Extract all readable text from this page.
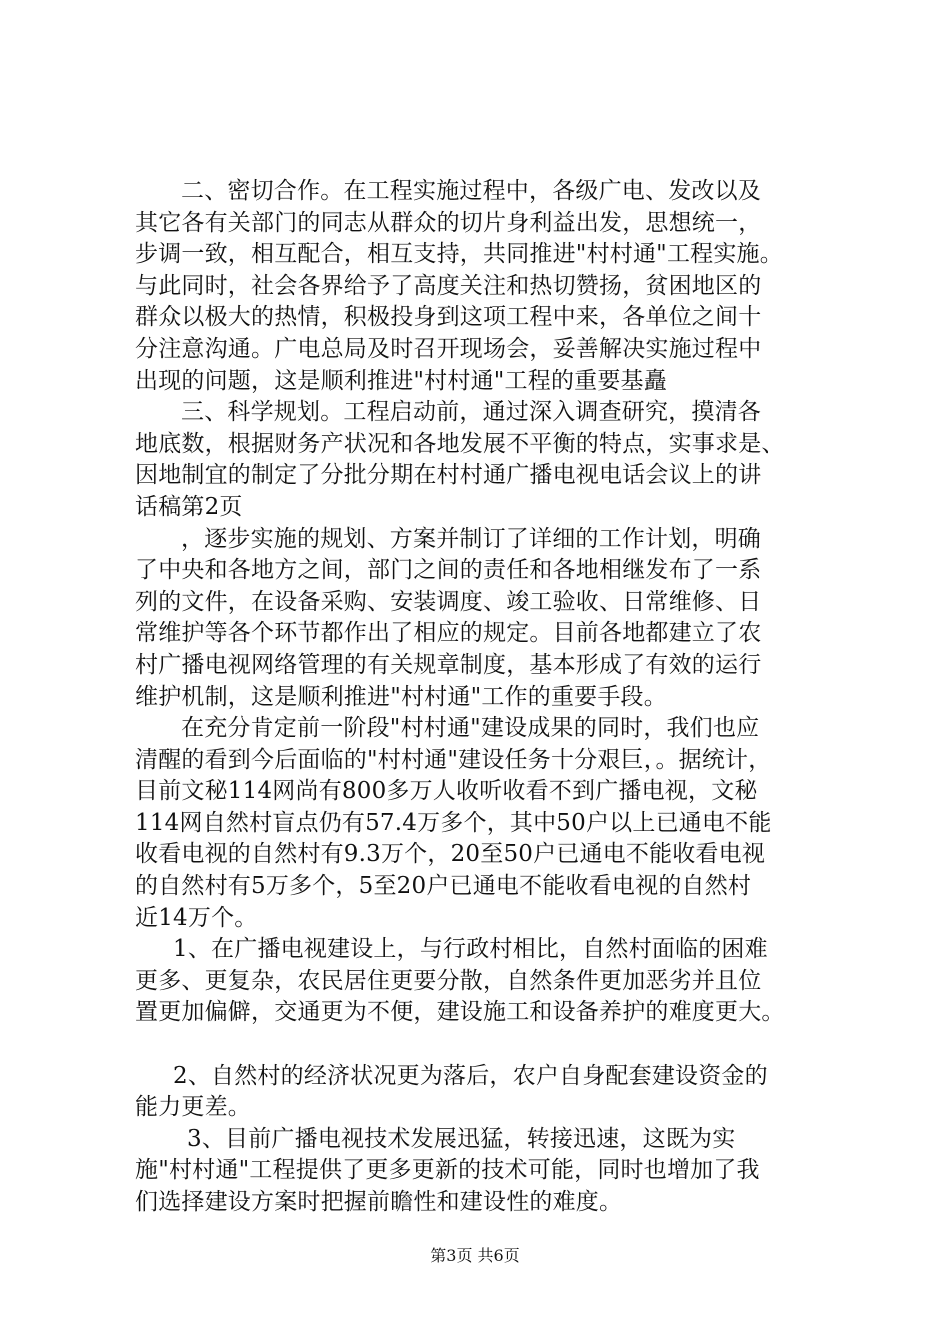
二、密切合作。在工程实施过程中，各级广电、发改以及
其它各有关部门的同志从群众的切片身利益出发，思想统一，
步调一致，相互配合，相互支持，共同推进"村村通"工程实施。
与此同时，社会各界给予了高度关注和热切赞扬，贫困地区的
群众以极大的热情，积极投身到这项工程中来，各单位之间十
分注意沟通。广电总局及时召开现场会，妥善解决实施过程中
出现的问题，这是顺利推进"村村通"工程的重要基矗
三、科学规划。工程启动前，通过深入调查研究，摸清各
地底数，根据财务产状况和各地发展不平衡的特点，实事求是、
因地制宜的制定了分批分期在村村通广播电视电话会议上的讲
话稿第2页
，逐步实施的规划、方案并制订了详细的工作计划，明确
了中央和各地方之间，部门之间的责任和各地相继发布了一系
列的文件，在设备采购、安装调度、竣工验收、日常维修、日
常维护等各个环节都作出了相应的规定。目前各地都建立了农
村广播电视网络管理的有关规章制度，基本形成了有效的运行
维护机制，这是顺利推进"村村通"工作的重要手段。
在充分肯定前一阶段"村村通"建设成果的同时，我们也应
清醒的看到今后面临的"村村通"建设任务十分艰巨，。据统计，
目前文秘114网尚有800多万人收听收看不到广播电视，文秘
114网自然村盲点仍有57.4万多个，其中50户以上已通电不能
收看电视的自然村有9.3万个，20至50户已通电不能收看电视
的自然村有5万多个，5至20户已通电不能收看电视的自然村
近14万个。
1、在广播电视建设上，与行政村相比，自然村面临的困难
更多、更复杂，农民居住更要分散，自然条件更加恶劣并且位
置更加偏僻，交通更为不便，建设施工和设备养护的难度更大。
2、自然村的经济状况更为落后，农户自身配套建设资金的
能力更差。
3、目前广播电视技术发展迅猛，转接迅速，这既为实
施"村村通"工程提供了更多更新的技术可能，同时也增加了我
们选择建设方案时把握前瞻性和建设性的难度。
第3页 共6页
